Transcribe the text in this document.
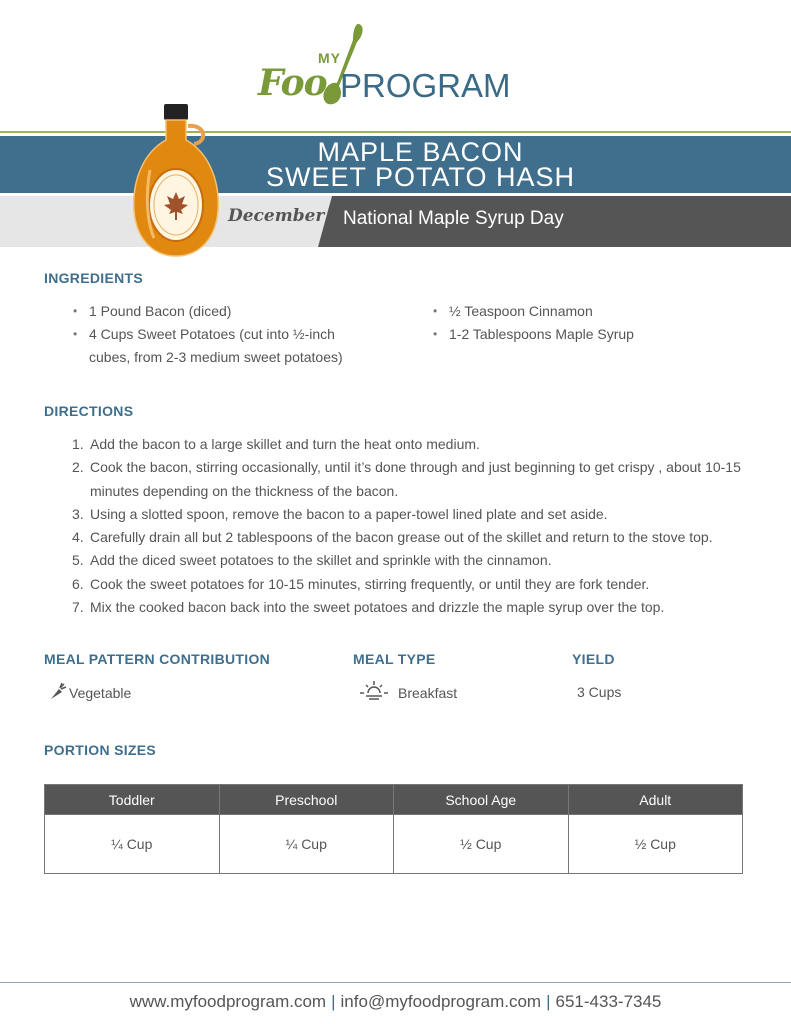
MY
Foo PROGRAM
MAPLE BACON
SWEET POTATO HASH
December 17
National Maple Syrup Day
INGREDIENTS
• 1 Pound Bacon (diced)
• 4 Cups Sweet Potatoes (cut into ½-inch cubes, from 2-3 medium sweet potatoes)
• ½ Teaspoon Cinnamon
• 1-2 Tablespoons Maple Syrup
DIRECTIONS
1. Add the bacon to a large skillet and turn the heat onto medium.
2. Cook the bacon, stirring occasionally, until it’s done through and just beginning to get crispy , about 10-15 minutes depending on the thickness of the bacon.
3. Using a slotted spoon, remove the bacon to a paper-towel lined plate and set aside.
4. Carefully drain all but 2 tablespoons of the bacon grease out of the skillet and return to the stove top.
5. Add the diced sweet potatoes to the skillet and sprinkle with the cinnamon.
6. Cook the sweet potatoes for 10-15 minutes, stirring frequently, or until they are fork tender.
7. Mix the cooked bacon back into the sweet potatoes and drizzle the maple syrup over the top.
MEAL PATTERN CONTRIBUTION	MEAL TYPE	YIELD
Vegetable	Breakfast	3 Cups
PORTION SIZES
Toddler	Preschool	School Age	Adult
¼ Cup	¼ Cup	½ Cup	½ Cup
www.myfoodprogram.com | info@myfoodprogram.com | 651-433-7345
